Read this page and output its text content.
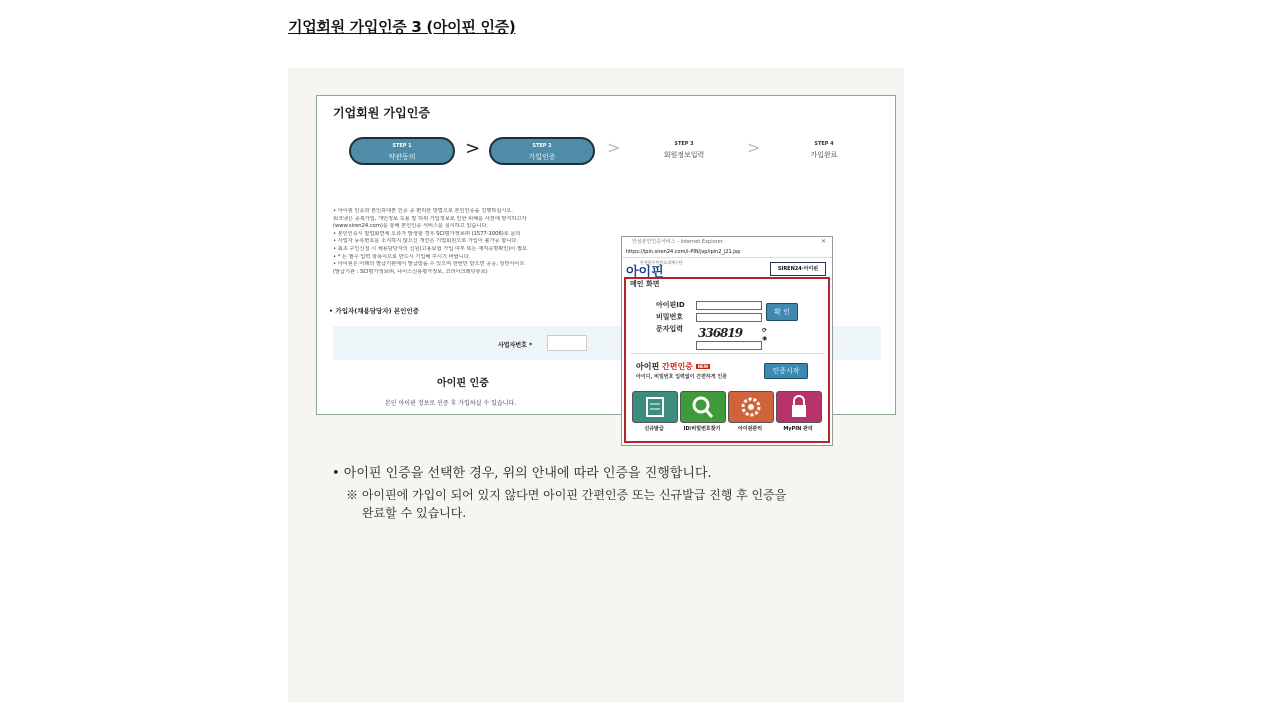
기업회원 가입인증 3 (아이핀 인증)
기업회원 가입인증
STEP 1
약관동의	>	STEP 2
가입인증	>	STEP 3
회원정보입력	>	STEP 4
가입완료
• 아이핀 인증과 본인휴대폰 인증 중 편리한 방법으로 본인인증을 진행하십시오.
워크넷은 중복가입, 개인정보 도용 및 허위 가입정보로 인한 피해를 사전에 방지하고자
(www.siren24.com)를 통해 본인인증 서비스를 실시하고 있습니다.
• 본인인증시 팝업화면에 오류가 발생할 경우 SCI평가정보㈜ (1577-1006)로 문의
• 사업자 등록번호를 소지하지 않으신 개인은 기업회원으로 가입이 불가능 합니다.
• 최초 구인신청 시 채용담당자의 신원(고용보험 가입 여부 또는 재직증명확인)이 필요
• * 는 필수 입력 항목이므로 반드시 기입해 주시기 바랍니다.
• 아이핀은 아래의 발급기관에서 발급받을 수 있으며 한번만 받으면 공공, 일반사이트
(발급기관 : SCI평가정보㈜, 나이스신용평가정보, 코리아크레딧뷰로)
• 가입자(채용담당자) 본인인증
사업자번호 *
아이핀 인증
본인 아이핀 정보로 인증 후 가입하실 수 있습니다.
안심본인인증서비스 - Internet Explorer	✕
https://ipin.siren24.com/i-PIN/jsp/ipin2_j21.jsp
안전한주민번호대체수단
아이핀	SIREN24·아이핀
메인 화면
아이핀ID
비밀번호
문자입력 336819	⟳
◉
확 인
아이핀 간편인증 NEW
아이디, 비밀번호 입력없이 간편하게 인증
인증시작
신규발급	ID/비밀번호찾기	아이핀관리	MyPIN 관리
• 아이핀 인증을 선택한 경우, 위의 안내에 따라 인증을 진행합니다.
※ 아이핀에 가입이 되어 있지 않다면 아이핀 간편인증 또는 신규발급 진행 후 인증을
완료할 수 있습니다.
